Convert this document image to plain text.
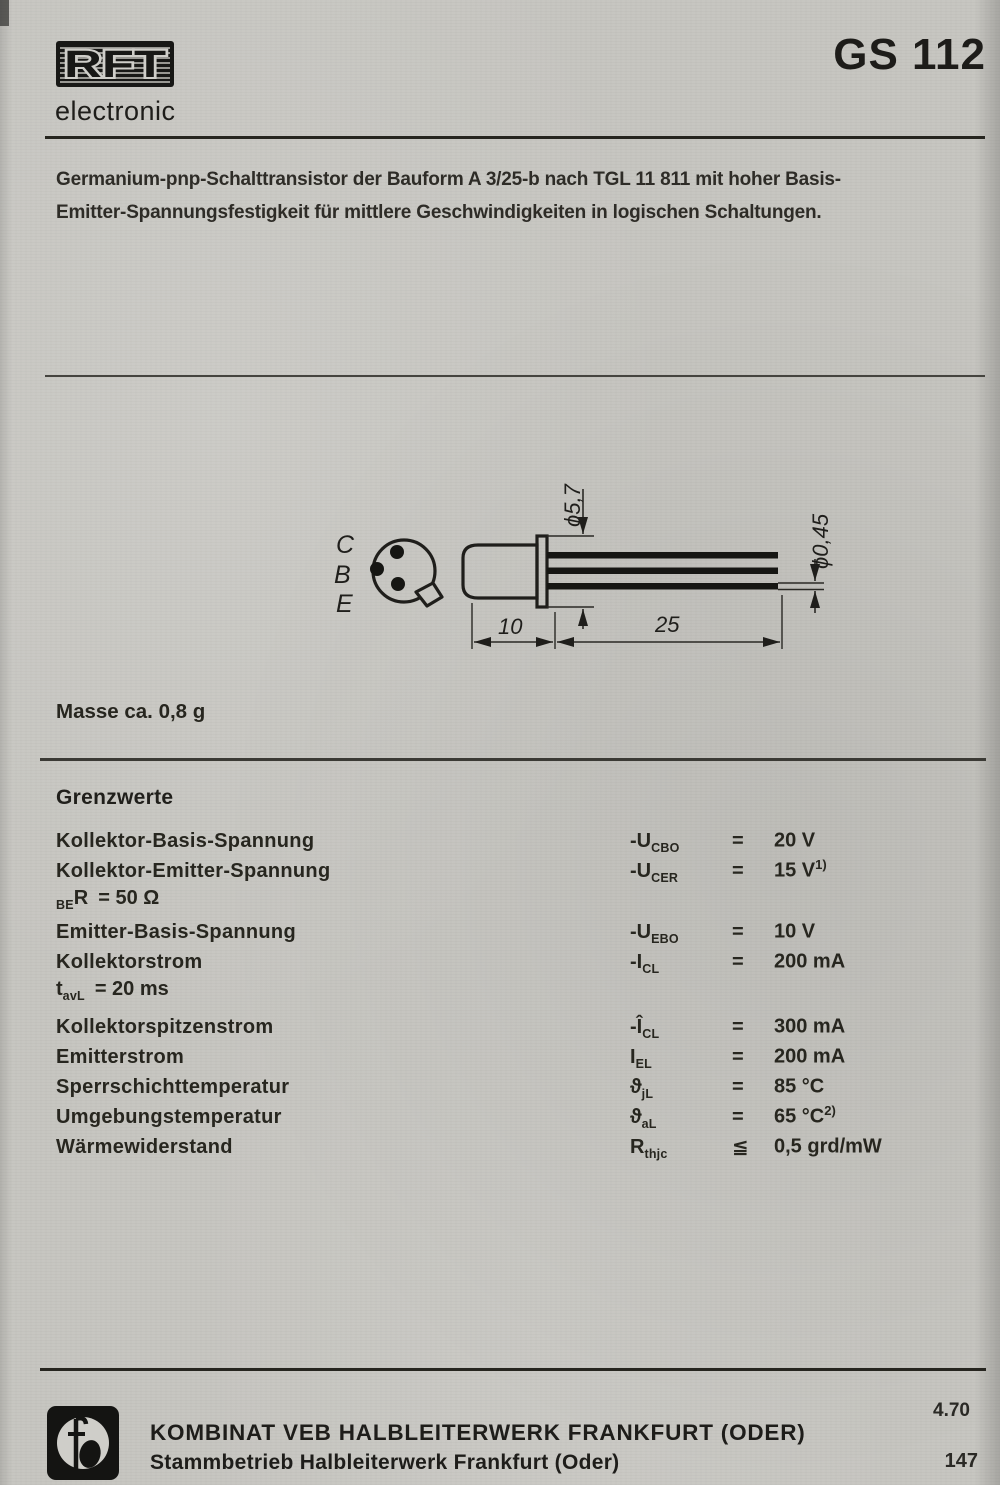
RFT
electronic
GS 112
Germanium-pnp-Schalttransistor der Bauform A 3/25-b nach TGL 11 811 mit hoher Basis-
Emitter-Spannungsfestigkeit für mittlere Geschwindigkeiten in logischen Schaltungen.
C
B
E
ϕ5,7
ϕ0,45
10	25
Masse ca. 0,8 g
Grenzwerte
Kollektor-Basis-Spannung	$-U_{CBO}$	=	20 V
Kollektor-Emitter-Spannung	$-U_{CER}$	=	15 $V^{1)}$
$_{BE}$R = 50 Ω
Emitter-Basis-Spannung	$-U_{EBO}$	=	10 V
Kollektorstrom	$-I_{CL}$	=	200 mA
$t_{avL} = 20$ ms
Kollektorspitzenstrom	$-Î_{CL}$	=	300 mA
Emitterstrom	$I_{EL}$	=	200 mA
Sperrschichttemperatur	$ϑ_{jL}$	=	85 °C
Umgebungstemperatur	$ϑ_{aL}$	=	65 $^\circ C^{2)}$
Wärmewiderstand	$R_{thjc}$	≦	0,5 grd/mW
KOMBINAT VEB HALBLEITERWERK FRANKFURT (ODER)
Stammbetrieb Halbleiterwerk Frankfurt (Oder)
4.70
147
